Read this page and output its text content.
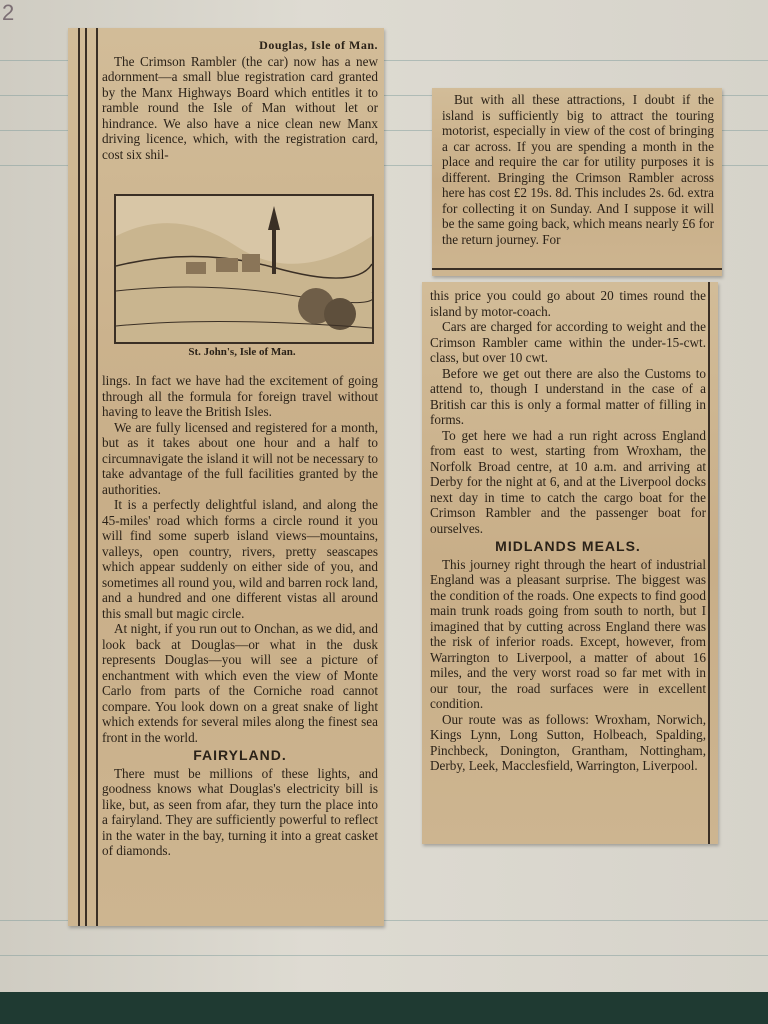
2

Douglas, Isle of Man.

The Crimson Rambler (the car) now has a new adornment—a small blue registration card granted by the Manx Highways Board which entitles it to ramble round the Isle of Man without let or hindrance. We also have a nice clean new Manx driving licence, which, with the registration card, cost six shil-

St. John's, Isle of Man.

lings. In fact we have had the excitement of going through all the formula for foreign travel without having to leave the British Isles.

We are fully licensed and registered for a month, but as it takes about one hour and a half to circumnavigate the island it will not be necessary to take advantage of the full facilities granted by the authorities.

It is a perfectly delightful island, and along the 45-miles' road which forms a circle round it you will find some superb island views—mountains, valleys, open country, rivers, pretty seascapes which appear suddenly on either side of you, and sometimes all round you, wild and barren rock land, and a hundred and one different vistas all around this small but magic circle.

At night, if you run out to Onchan, as we did, and look back at Douglas—or what in the dusk represents Douglas—you will see a picture of enchantment with which even the view of Monte Carlo from parts of the Corniche road cannot compare. You look down on a great snake of light which extends for several miles along the finest sea front in the world.

FAIRYLAND.

There must be millions of these lights, and goodness knows what Douglas's electricity bill is like, but, as seen from afar, they turn the place into a fairyland. They are sufficiently powerful to reflect in the water in the bay, turning it into a great casket of diamonds.

But with all these attractions, I doubt if the island is sufficiently big to attract the touring motorist, especially in view of the cost of bringing a car across. If you are spending a month in the place and require the car for utility purposes it is different. Bringing the Crimson Rambler across here has cost £2 19s. 8d. This includes 2s. 6d. extra for collecting it on Sunday. And I suppose it will be the same going back, which means nearly £6 for the return journey. For

this price you could go about 20 times round the island by motor-coach.

Cars are charged for according to weight and the Crimson Rambler came within the under-15-cwt. class, but over 10 cwt.

Before we get out there are also the Customs to attend to, though I understand in the case of a British car this is only a formal matter of filling in forms.

To get here we had a run right across England from east to west, starting from Wroxham, the Norfolk Broad centre, at 10 a.m. and arriving at Derby for the night at 6, and at the Liverpool docks next day in time to catch the cargo boat for the Crimson Rambler and the passenger boat for ourselves.

MIDLANDS MEALS.

This journey right through the heart of industrial England was a pleasant surprise. The biggest was the condition of the roads. One expects to find good main trunk roads going from south to north, but I imagined that by cutting across England there was the risk of inferior roads. Except, however, from Warrington to Liverpool, a matter of about 16 miles, and the very worst road so far met with in our tour, the road surfaces were in excellent condition.

Our route was as follows: Wroxham, Norwich, Kings Lynn, Long Sutton, Holbeach, Spalding, Pinchbeck, Donington, Grantham, Nottingham, Derby, Leek, Macclesfield, Warrington, Liverpool.
